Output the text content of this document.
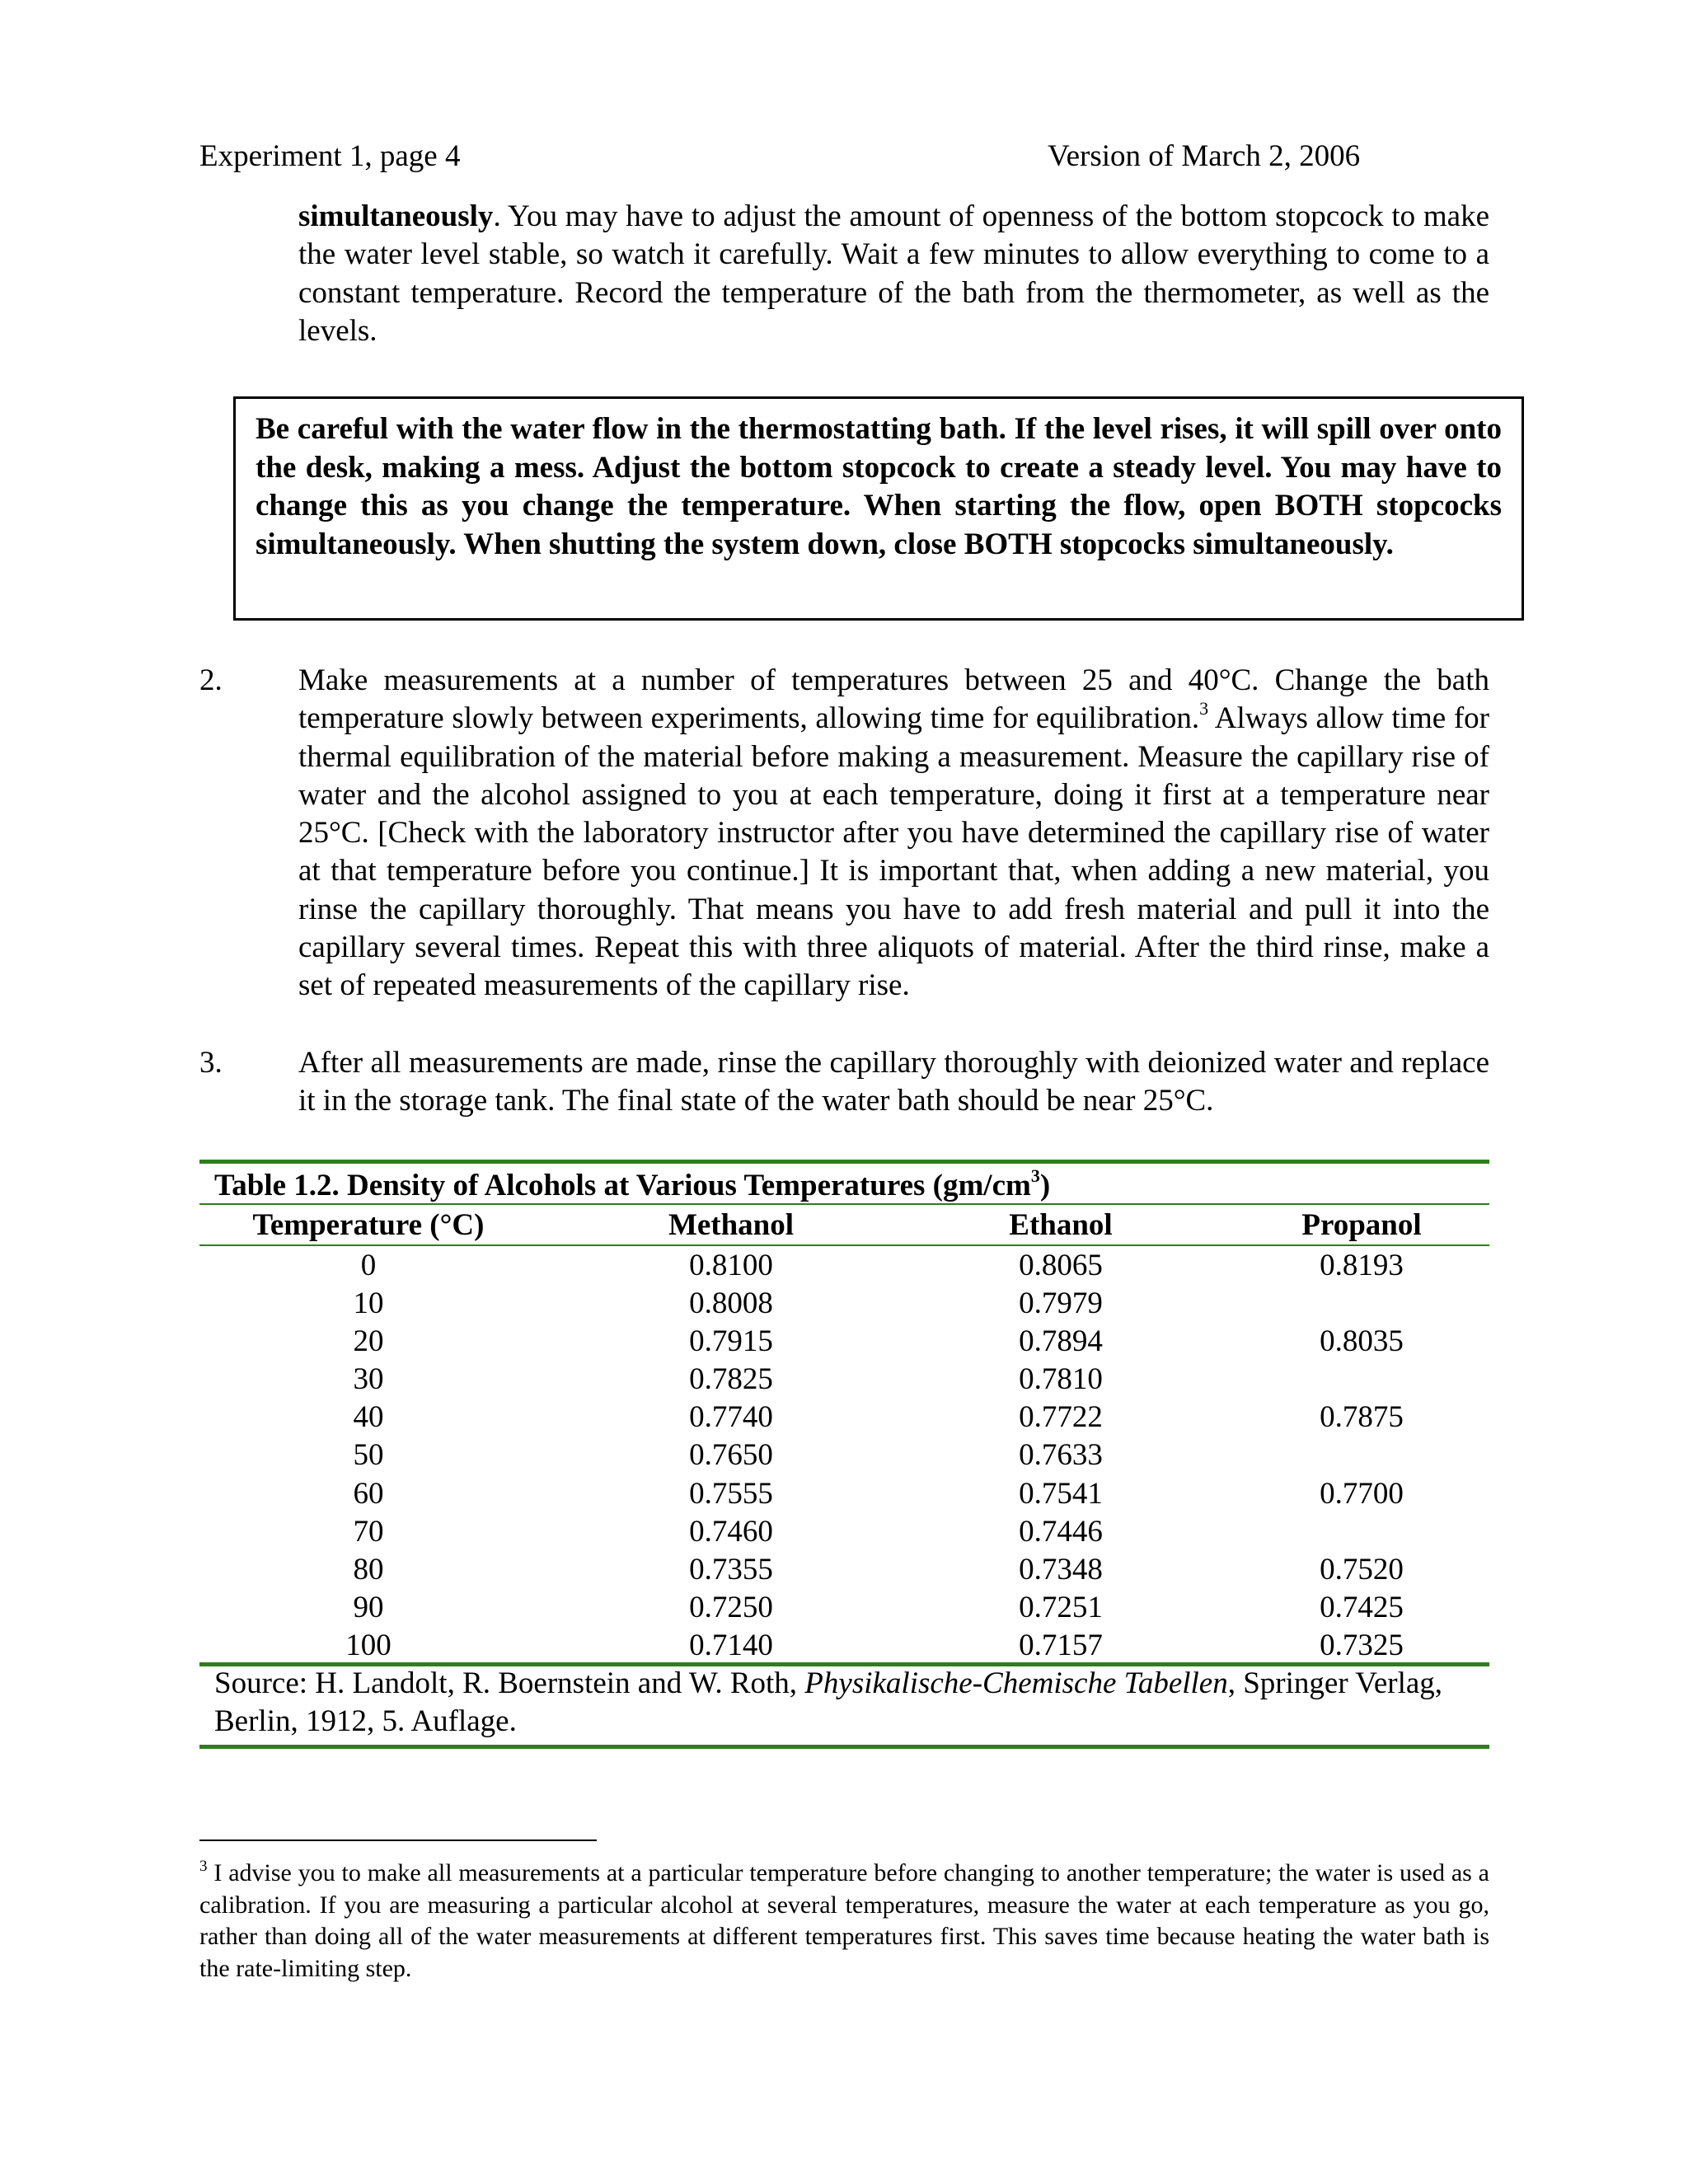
Experiment 1, page 4	Version of March 2, 2006
simultaneously. You may have to adjust the amount of openness of the bottom stopcock to make the water level stable, so watch it carefully. Wait a few minutes to allow everything to come to a constant temperature. Record the temperature of the bath from the thermometer, as well as the levels.
Be careful with the water flow in the thermostatting bath. If the level rises, it will spill over onto the desk, making a mess. Adjust the bottom stopcock to create a steady level. You may have to change this as you change the temperature. When starting the flow, open BOTH stopcocks simultaneously. When shutting the system down, close BOTH stopcocks simultaneously.
2. Make measurements at a number of temperatures between 25 and 40°C. Change the bath temperature slowly between experiments, allowing time for equilibration.$^3$ Always allow time for thermal equilibration of the material before making a measurement. Measure the capillary rise of water and the alcohol assigned to you at each temperature, doing it first at a temperature near 25°C. [Check with the laboratory instructor after you have determined the capillary rise of water at that temperature before you continue.] It is important that, when adding a new material, you rinse the capillary thoroughly. That means you have to add fresh material and pull it into the capillary several times. Repeat this with three aliquots of material. After the third rinse, make a set of repeated measurements of the capillary rise.
3. After all measurements are made, rinse the capillary thoroughly with deionized water and replace it in the storage tank. The final state of the water bath should be near 25°C.
Table 1.2. Density of Alcohols at Various Temperatures $(gm/cm^3)$
Temperature (°C)	Methanol	Ethanol	Propanol
0	0.8100	0.8065	0.8193
10	0.8008	0.7979
20	0.7915	0.7894	0.8035
30	0.7825	0.7810
40	0.7740	0.7722	0.7875
50	0.7650	0.7633
60	0.7555	0.7541	0.7700
70	0.7460	0.7446
80	0.7355	0.7348	0.7520
90	0.7250	0.7251	0.7425
100	0.7140	0.7157	0.7325
Source: H. Landolt, R. Boernstein and W. Roth, Physikalische-Chemische Tabellen, Springer Verlag, Berlin, 1912, 5. Auflage.
$^3$ I advise you to make all measurements at a particular temperature before changing to another temperature; the water is used as a calibration. If you are measuring a particular alcohol at several temperatures, measure the water at each temperature as you go, rather than doing all of the water measurements at different temperatures first. This saves time because heating the water bath is the rate-limiting step.
